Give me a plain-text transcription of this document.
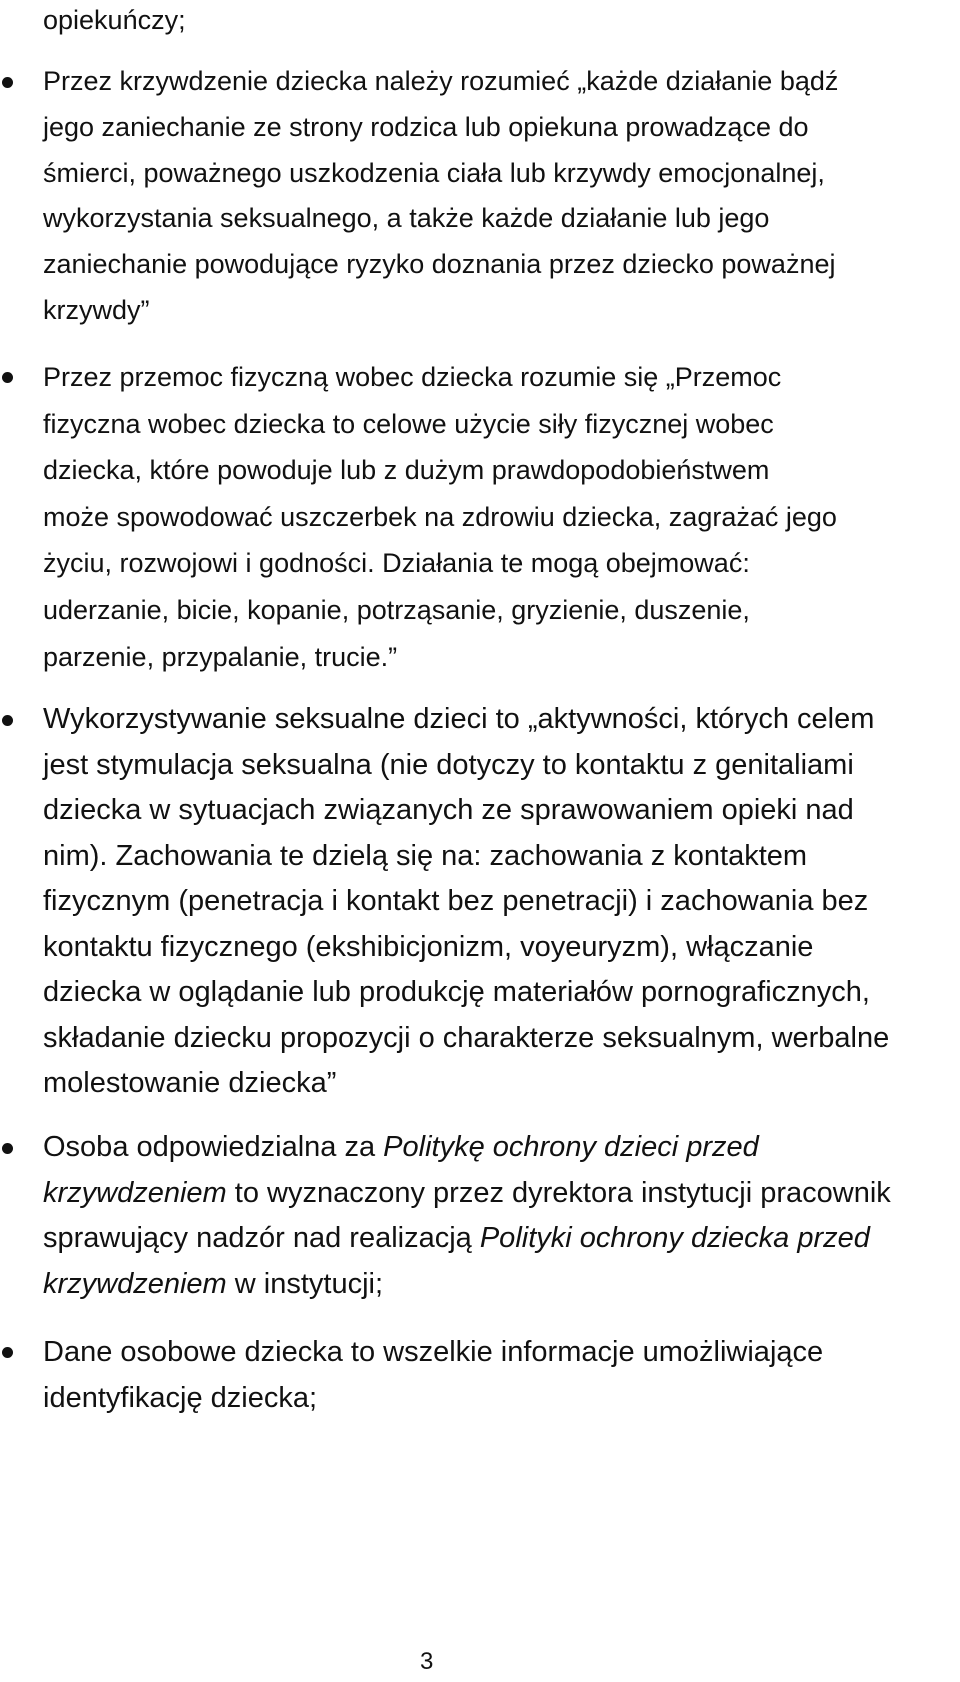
opiekuńczy;
Przez krzywdzenie dziecka należy rozumieć „każde działanie bądź
jego zaniechanie ze strony rodzica lub opiekuna prowadzące do
śmierci, poważnego uszkodzenia ciała lub krzywdy emocjonalnej,
wykorzystania seksualnego, a także każde działanie lub jego
zaniechanie powodujące ryzyko doznania przez dziecko poważnej
krzywdy”
Przez przemoc fizyczną wobec dziecka rozumie się „Przemoc
fizyczna wobec dziecka to celowe użycie siły fizycznej wobec
dziecka, które powoduje lub z dużym prawdopodobieństwem
może spowodować uszczerbek na zdrowiu dziecka, zagrażać jego
życiu, rozwojowi i godności. Działania te mogą obejmować:
uderzanie, bicie, kopanie, potrząsanie, gryzienie, duszenie,
parzenie, przypalanie, trucie.”
Wykorzystywanie seksualne dzieci to „aktywności, których celem
jest stymulacja seksualna (nie dotyczy to kontaktu z genitaliami
dziecka w sytuacjach związanych ze sprawowaniem opieki nad
nim). Zachowania te dzielą się na: zachowania z kontaktem
fizycznym (penetracja i kontakt bez penetracji) i zachowania bez
kontaktu fizycznego (ekshibicjonizm, voyeuryzm), włączanie
dziecka w oglądanie lub produkcję materiałów pornograficznych,
składanie dziecku propozycji o charakterze seksualnym, werbalne
molestowanie dziecka”
Osoba odpowiedzialna za Politykę ochrony dzieci przed
krzywdzeniem to wyznaczony przez dyrektora instytucji pracownik
sprawujący nadzór nad realizacją Polityki ochrony dziecka przed
krzywdzeniem w instytucji;
Dane osobowe dziecka to wszelkie informacje umożliwiające
identyfikację dziecka;
3
